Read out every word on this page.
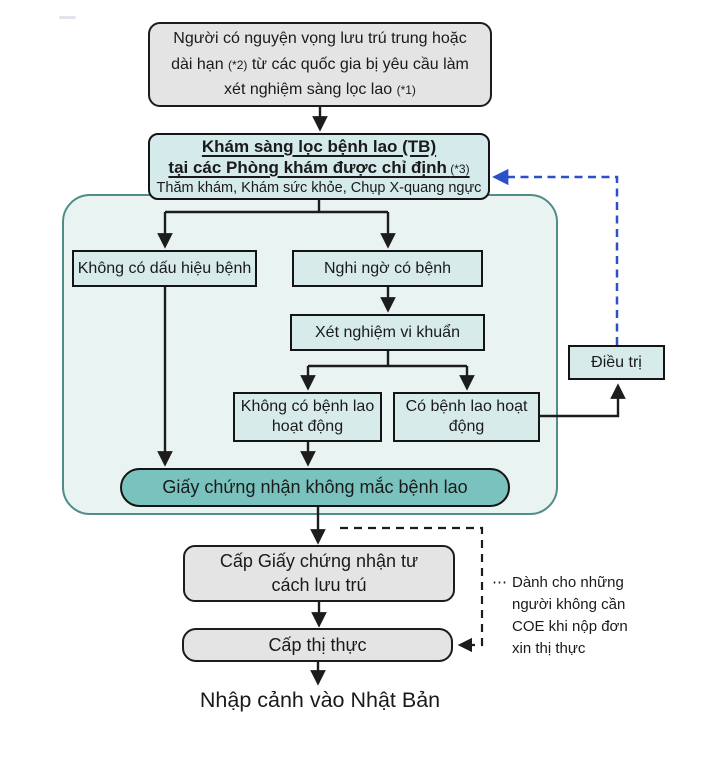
Người có nguyện vọng lưu trú trung hoặc
dài hạn (*2) từ các quốc gia bị yêu cầu làm
xét nghiệm sàng lọc lao (*1)
Khám sàng lọc bệnh lao (TB)
tại các Phòng khám được chỉ định (*3)
Thăm khám, Khám sức khỏe, Chụp X-quang ngực
Không có dấu hiệu bệnh	Nghi ngờ có bệnh
Xét nghiệm vi khuẩn
Không có bệnh lao hoạt động
Có bệnh lao hoạt động
Điều trị
Giấy chứng nhận không mắc bệnh lao
Cấp Giấy chứng nhận tư cách lưu trú
Cấp thị thực
Nhập cảnh vào Nhật Bản
⋯ Dành cho những
người không cần
COE khi nộp đơn
xin thị thực
